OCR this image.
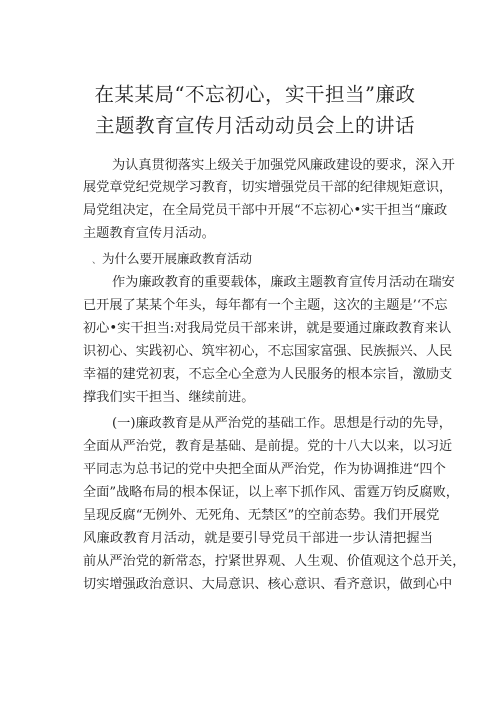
在某某局“不忘初心，实干担当”廉政
主题教育宣传月活动动员会上的讲话
为认真贯彻落实上级关于加强党风廉政建设的要求，深入开
展党章党纪党规学习教育，切实增强党员干部的纪律规矩意识，
局党组决定，在全局党员干部中开展“不忘初心•实干担当“廉政
主题教育宣传月活动。
、为什么要开展廉政教育活动
作为廉政教育的重要载体，廉政主题教育宣传月活动在瑞安
已开展了某某个年头，每年都有一个主题，这次的主题是’‘不忘
初心•实干担当:对我局党员干部来讲，就是要通过廉政教育来认
识初心、实践初心、筑牢初心，不忘国家富强、民族振兴、人民
幸福的建党初衷，不忘全心全意为人民服务的根本宗旨，激励支
撑我们实干担当、继续前进。
(一)廉政教育是从严治党的基础工作。思想是行动的先导，
全面从严治党，教育是基础、是前提。党的十八大以来，以习近
平同志为总书记的党中央把全面从严治党，作为协调推进“四个
全面”战略布局的根本保证，以上率下抓作风、雷霆万钧反腐败，
呈现反腐“无例外、无死角、无禁区”的空前态势。我们开展党
风廉政教育月活动，就是要引导党员干部进一步认清把握当
前从严治党的新常态，拧紧世界观、人生观、价值观这个总开关，
切实增强政治意识、大局意识、核心意识、看齐意识，做到心中
